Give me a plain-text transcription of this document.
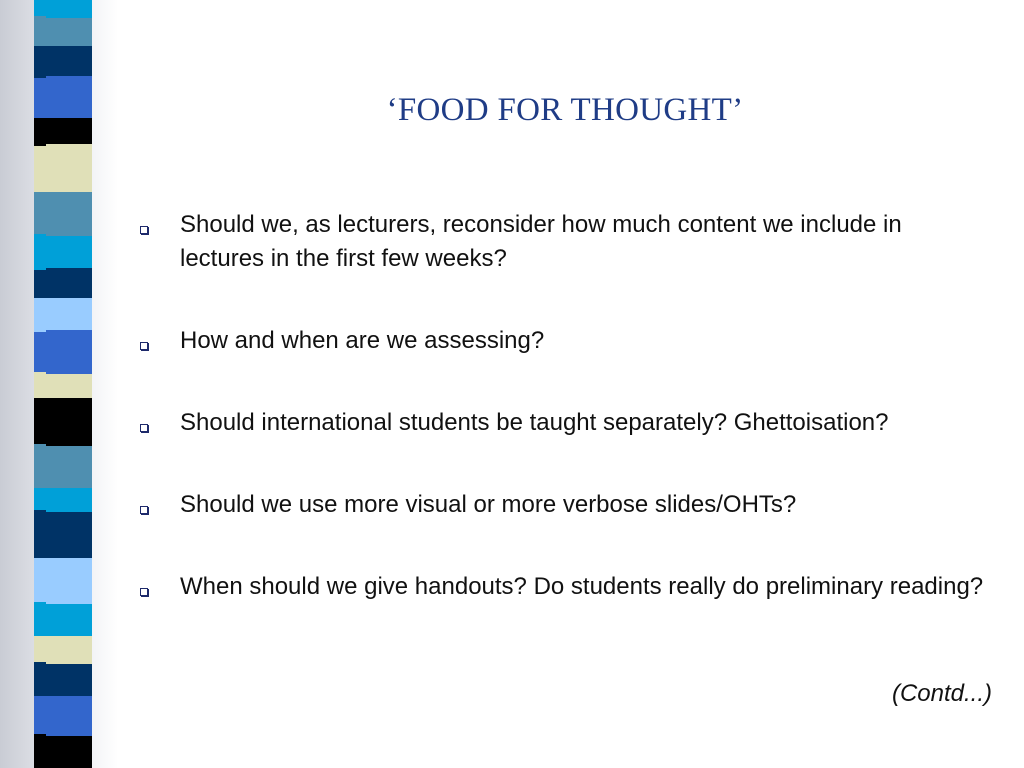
‘FOOD FOR THOUGHT’
Should we, as lecturers, reconsider how much content we include in lectures in the first few weeks?
How and when are we assessing?
Should international students be taught separately? Ghettoisation?
Should we use more visual or more verbose slides/OHTs?
When should we give handouts? Do students really do preliminary reading?
(Contd...)
